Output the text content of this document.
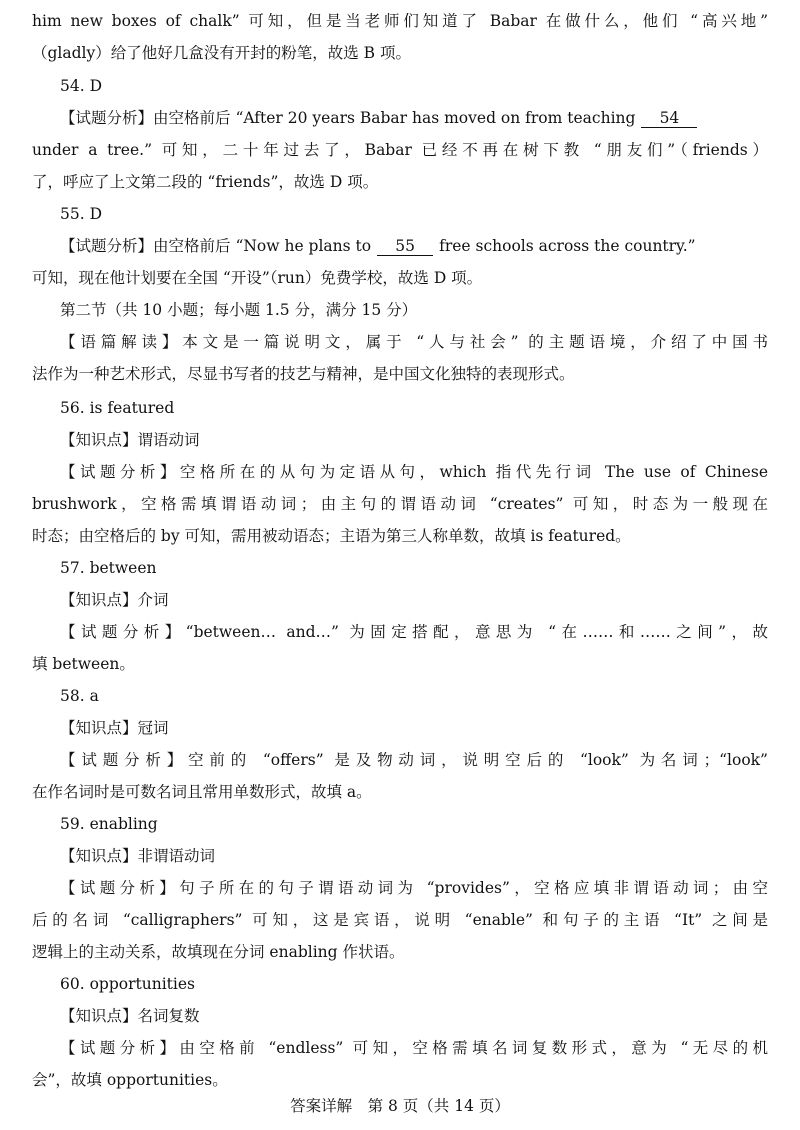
him new boxes of chalk” 可知，但是当老师们知道了 Babar 在做什么，他们 “高兴地”
（gladly）给了他好几盒没有开封的粉笔，故选 B 项。
54. D
【试题分析】由空格前后 “After 20 years Babar has moved on from teaching 54
under a tree.” 可知，二十年过去了，Babar 已经不再在树下教 “朋友们”（friends）
了，呼应了上文第二段的 “friends”，故选 D 项。
55. D
【试题分析】由空格前后 “Now he plans to 55 free schools across the country.”
可知，现在他计划要在全国 “开设”（run）免费学校，故选 D 项。
第二节（共 10 小题；每小题 1.5 分，满分 15 分）
【语篇解读】本文是一篇说明文，属于 “人与社会” 的主题语境，介绍了中国书
法作为一种艺术形式，尽显书写者的技艺与精神，是中国文化独特的表现形式。
56. is featured
【知识点】谓语动词
【试题分析】空格所在的从句为定语从句，which 指代先行词 The use of Chinese
brushwork，空格需填谓语动词；由主句的谓语动词 “creates” 可知，时态为一般现在
时态；由空格后的 by 可知，需用被动语态；主语为第三人称单数，故填 is featured。
57. between
【知识点】介词
【试题分析】“between… and…” 为固定搭配，意思为 “在……和……之间”，故
填 between。
58. a
【知识点】冠词
【试题分析】空前的 “offers” 是及物动词，说明空后的 “look” 为名词；“look”
在作名词时是可数名词且常用单数形式，故填 a。
59. enabling
【知识点】非谓语动词
【试题分析】句子所在的句子谓语动词为 “provides”，空格应填非谓语动词；由空
后的名词 “calligraphers” 可知，这是宾语，说明 “enable” 和句子的主语 “It” 之间是
逻辑上的主动关系，故填现在分词 enabling 作状语。
60. opportunities
【知识点】名词复数
【试题分析】由空格前 “endless” 可知，空格需填名词复数形式，意为 “无尽的机
会”，故填 opportunities。
答案详解　第 8 页（共 14 页）
